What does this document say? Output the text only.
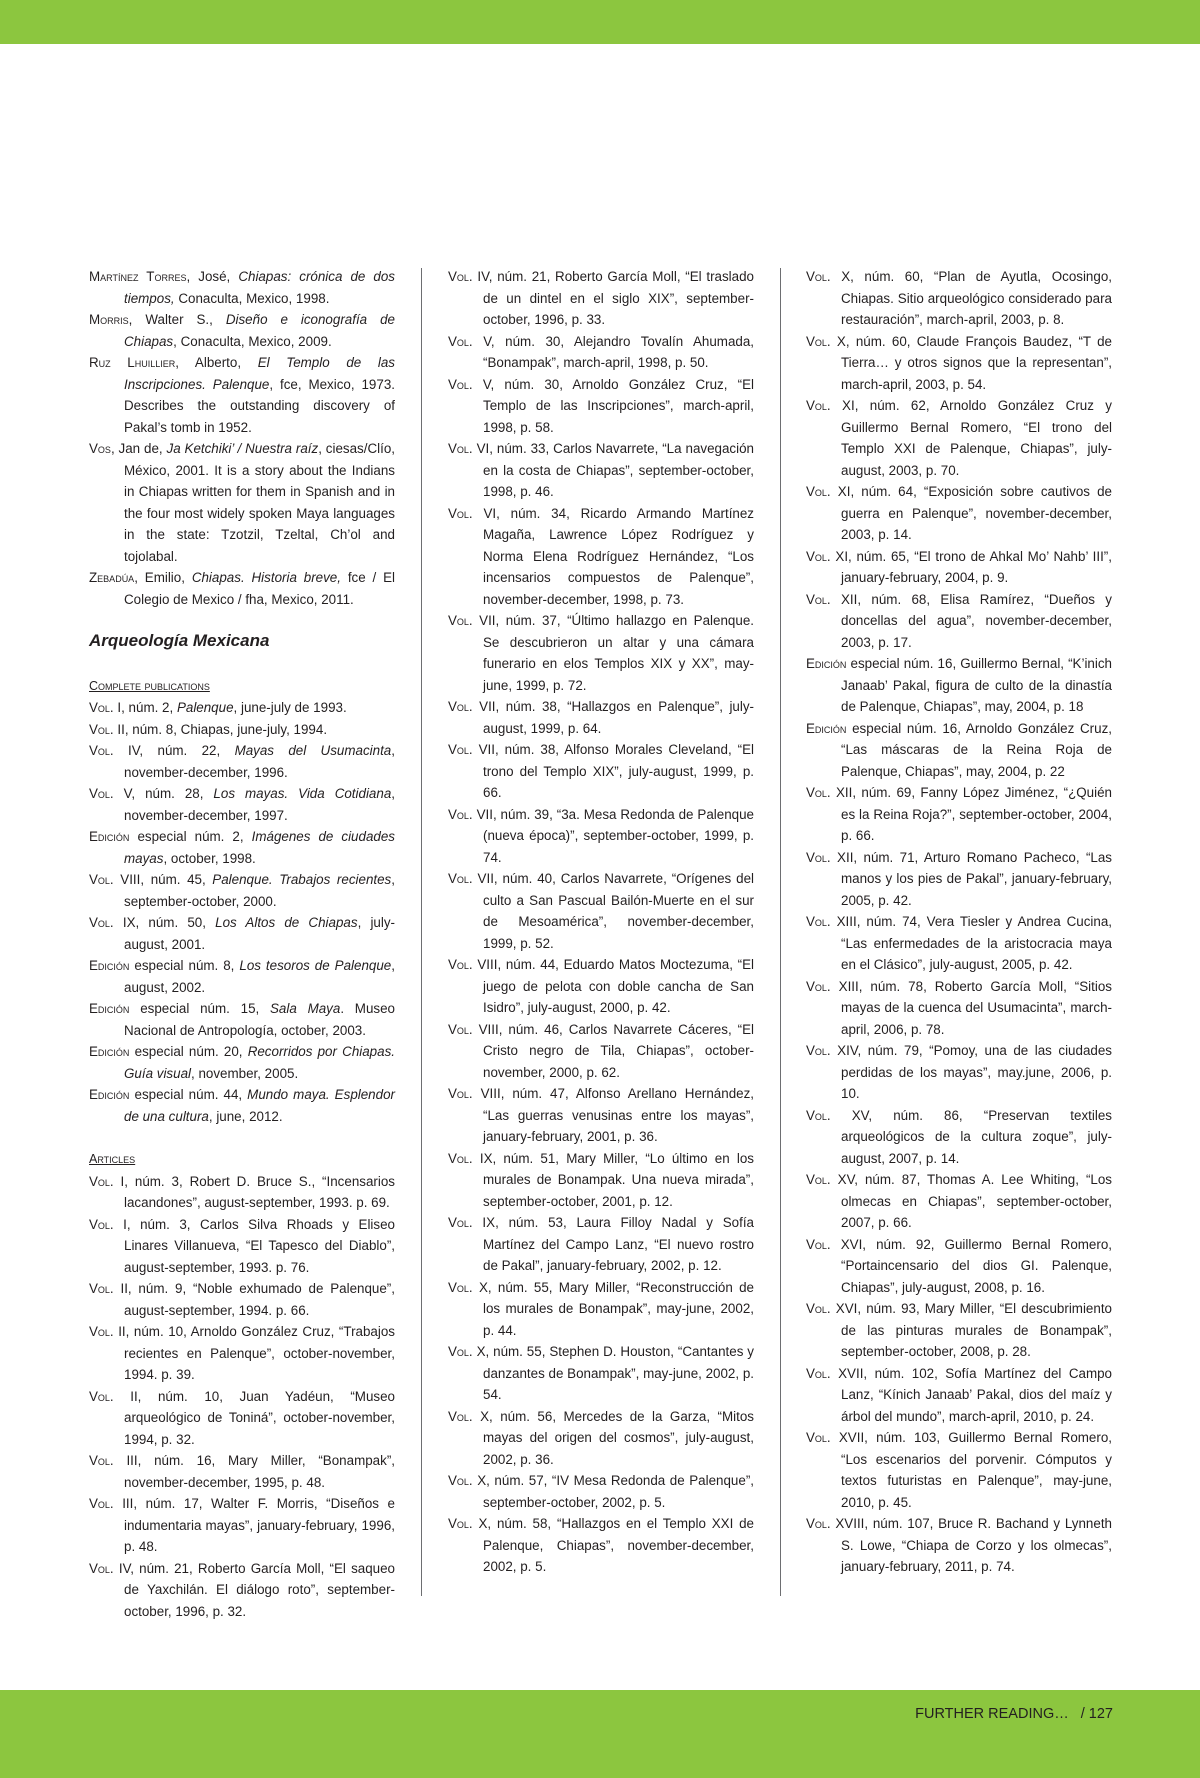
Martínez Torres, José, Chiapas: crónica de dos tiempos, Conaculta, Mexico, 1998.

Morris, Walter S., Diseño e iconografía de Chiapas, Conaculta, Mexico, 2009.

Ruz Lhuillier, Alberto, El Templo de las Inscripciones. Palenque, fce, Mexico, 1973. Describes the outstanding discovery of Pakal’s tomb in 1952.

Vos, Jan de, Ja Ketchiki’ / Nuestra raíz, ciesas/Clío, México, 2001. It is a story about the Indians in Chiapas written for them in Spanish and in the four most widely spoken Maya languages in the state: Tzotzil, Tzeltal, Ch’ol and tojolabal.

Zebadúa, Emilio, Chiapas. Historia breve, fce / El Colegio de Mexico / fha, Mexico, 2011.

Arqueología Mexicana

Complete publications

Vol. I, núm. 2, Palenque, june-july de 1993.

Vol. II, núm. 8, Chiapas, june-july, 1994.

Vol. IV, núm. 22, Mayas del Usumacinta, november-december, 1996.

Vol. V, núm. 28, Los mayas. Vida Cotidiana, november-december, 1997.

Edición especial núm. 2, Imágenes de ciudades mayas, october, 1998.

Vol. VIII, núm. 45, Palenque. Trabajos recientes, september-october, 2000.

Vol. IX, núm. 50, Los Altos de Chiapas, july-august, 2001.

Edición especial núm. 8, Los tesoros de Palenque, august, 2002.

Edición especial núm. 15, Sala Maya. Museo Nacional de Antropología, october, 2003.

Edición especial núm. 20, Recorridos por Chiapas. Guía visual, november, 2005.

Edición especial núm. 44, Mundo maya. Esplendor de una cultura, june, 2012.

Articles

Vol. I, núm. 3, Robert D. Bruce S., “Incensarios lacandones”, august-september, 1993. p. 69.

Vol. I, núm. 3, Carlos Silva Rhoads y Eliseo Linares Villanueva, “El Tapesco del Diablo”, august-september, 1993. p. 76.

Vol. II, núm. 9, “Noble exhumado de Palenque”, august-september, 1994. p. 66.

Vol. II, núm. 10, Arnoldo González Cruz, “Trabajos recientes en Palenque”, october-november, 1994. p. 39.

Vol. II, núm. 10, Juan Yadéun, “Museo arqueológico de Toniná”, october-november, 1994, p. 32.

Vol. III, núm. 16, Mary Miller, “Bonampak”, november-december, 1995, p. 48.

Vol. III, núm. 17, Walter F. Morris, “Diseños e indumentaria mayas”, january-february, 1996, p. 48.

Vol. IV, núm. 21, Roberto García Moll, “El saqueo de Yaxchilán. El diálogo roto”, september-october, 1996, p. 32.

Vol. IV, núm. 21, Roberto García Moll, “El traslado de un dintel en el siglo XIX”, september-october, 1996, p. 33.

Vol. V, núm. 30, Alejandro Tovalín Ahumada, “Bonampak”, march-april, 1998, p. 50.

Vol. V, núm. 30, Arnoldo González Cruz, “El Templo de las Inscripciones”, march-april, 1998, p. 58.

Vol. VI, núm. 33, Carlos Navarrete, “La navegación en la costa de Chiapas”, september-october, 1998, p. 46.

Vol. VI, núm. 34, Ricardo Armando Martínez Magaña, Lawrence López Rodríguez y Norma Elena Rodríguez Hernández, “Los incensarios compuestos de Palenque”, november-december, 1998, p. 73.

Vol. VII, núm. 37, “Último hallazgo en Palenque. Se descubrieron un altar y una cámara funerario en elos Templos XIX y XX”, may-june, 1999, p. 72.

Vol. VII, núm. 38, “Hallazgos en Palenque”, july-august, 1999, p. 64.

Vol. VII, núm. 38, Alfonso Morales Cleveland, “El trono del Templo XIX”, july-august, 1999, p. 66.

Vol. VII, núm. 39, “3a. Mesa Redonda de Palenque (nueva época)”, september-october, 1999, p. 74.

Vol. VII, núm. 40, Carlos Navarrete, “Orígenes del culto a San Pascual Bailón-Muerte en el sur de Mesoamérica”, november-december, 1999, p. 52.

Vol. VIII, núm. 44, Eduardo Matos Moctezuma, “El juego de pelota con doble cancha de San Isidro”, july-august, 2000, p. 42.

Vol. VIII, núm. 46, Carlos Navarrete Cáceres, “El Cristo negro de Tila, Chiapas”, october-november, 2000, p. 62.

Vol. VIII, núm. 47, Alfonso Arellano Hernández, “Las guerras venusinas entre los mayas”, january-february, 2001, p. 36.

Vol. IX, núm. 51, Mary Miller, “Lo último en los murales de Bonampak. Una nueva mirada”, september-october, 2001, p. 12.

Vol. IX, núm. 53, Laura Filloy Nadal y Sofía Martínez del Campo Lanz, “El nuevo rostro de Pakal”, january-february, 2002, p. 12.

Vol. X, núm. 55, Mary Miller, “Reconstrucción de los murales de Bonampak”, may-june, 2002, p. 44.

Vol. X, núm. 55, Stephen D. Houston, “Cantantes y danzantes de Bonampak”, may-june, 2002, p. 54.

Vol. X, núm. 56, Mercedes de la Garza, “Mitos mayas del origen del cosmos”, july-august, 2002, p. 36.

Vol. X, núm. 57, “IV Mesa Redonda de Palenque”, september-october, 2002, p. 5.

Vol. X, núm. 58, “Hallazgos en el Templo XXI de Palenque, Chiapas”, november-december, 2002, p. 5.

Vol. X, núm. 60, “Plan de Ayutla, Ocosingo, Chiapas. Sitio arqueológico considerado para restauración”, march-april, 2003, p. 8.

Vol. X, núm. 60, Claude François Baudez, “T de Tierra… y otros signos que la representan”, march-april, 2003, p. 54.

Vol. XI, núm. 62, Arnoldo González Cruz y Guillermo Bernal Romero, “El trono del Templo XXI de Palenque, Chiapas”, july-august, 2003, p. 70.

Vol. XI, núm. 64, “Exposición sobre cautivos de guerra en Palenque”, november-december, 2003, p. 14.

Vol. XI, núm. 65, “El trono de Ahkal Mo’ Nahb’ III”, january-february, 2004, p. 9.

Vol. XII, núm. 68, Elisa Ramírez, “Dueños y doncellas del agua”, november-december, 2003, p. 17.

Edición especial núm. 16, Guillermo Bernal, “K’inich Janaab’ Pakal, figura de culto de la dinastía de Palenque, Chiapas”, may, 2004, p. 18

Edición especial núm. 16, Arnoldo González Cruz, “Las máscaras de la Reina Roja de Palenque, Chiapas”, may, 2004, p. 22

Vol. XII, núm. 69, Fanny López Jiménez, “¿Quién es la Reina Roja?”, september-october, 2004, p. 66.

Vol. XII, núm. 71, Arturo Romano Pacheco, “Las manos y los pies de Pakal”, january-february, 2005, p. 42.

Vol. XIII, núm. 74, Vera Tiesler y Andrea Cucina, “Las enfermedades de la aristocracia maya en el Clásico”, july-august, 2005, p. 42.

Vol. XIII, núm. 78, Roberto García Moll, “Sitios mayas de la cuenca del Usumacinta”, march-april, 2006, p. 78.

Vol. XIV, núm. 79, “Pomoy, una de las ciudades perdidas de los mayas”, may.june, 2006, p. 10.

Vol. XV, núm. 86, “Preservan textiles arqueológicos de la cultura zoque”, july-august, 2007, p. 14.

Vol. XV, núm. 87, Thomas A. Lee Whiting, “Los olmecas en Chiapas”, september-october, 2007, p. 66.

Vol. XVI, núm. 92, Guillermo Bernal Romero, “Portaincensario del dios GI. Palenque, Chiapas”, july-august, 2008, p. 16.

Vol. XVI, núm. 93, Mary Miller, “El descubrimiento de las pinturas murales de Bonampak”, september-october, 2008, p. 28.

Vol. XVII, núm. 102, Sofía Martínez del Campo Lanz, “Kínich Janaab’ Pakal, dios del maíz y árbol del mundo”, march-april, 2010, p. 24.

Vol. XVII, núm. 103, Guillermo Bernal Romero, “Los escenarios del porvenir. Cómputos y textos futuristas en Palenque”, may-june, 2010, p. 45.

Vol. XVIII, núm. 107, Bruce R. Bachand y Lynneth S. Lowe, “Chiapa de Corzo y los olmecas”, january-february, 2011, p. 74.

FURTHER READING… / 127
